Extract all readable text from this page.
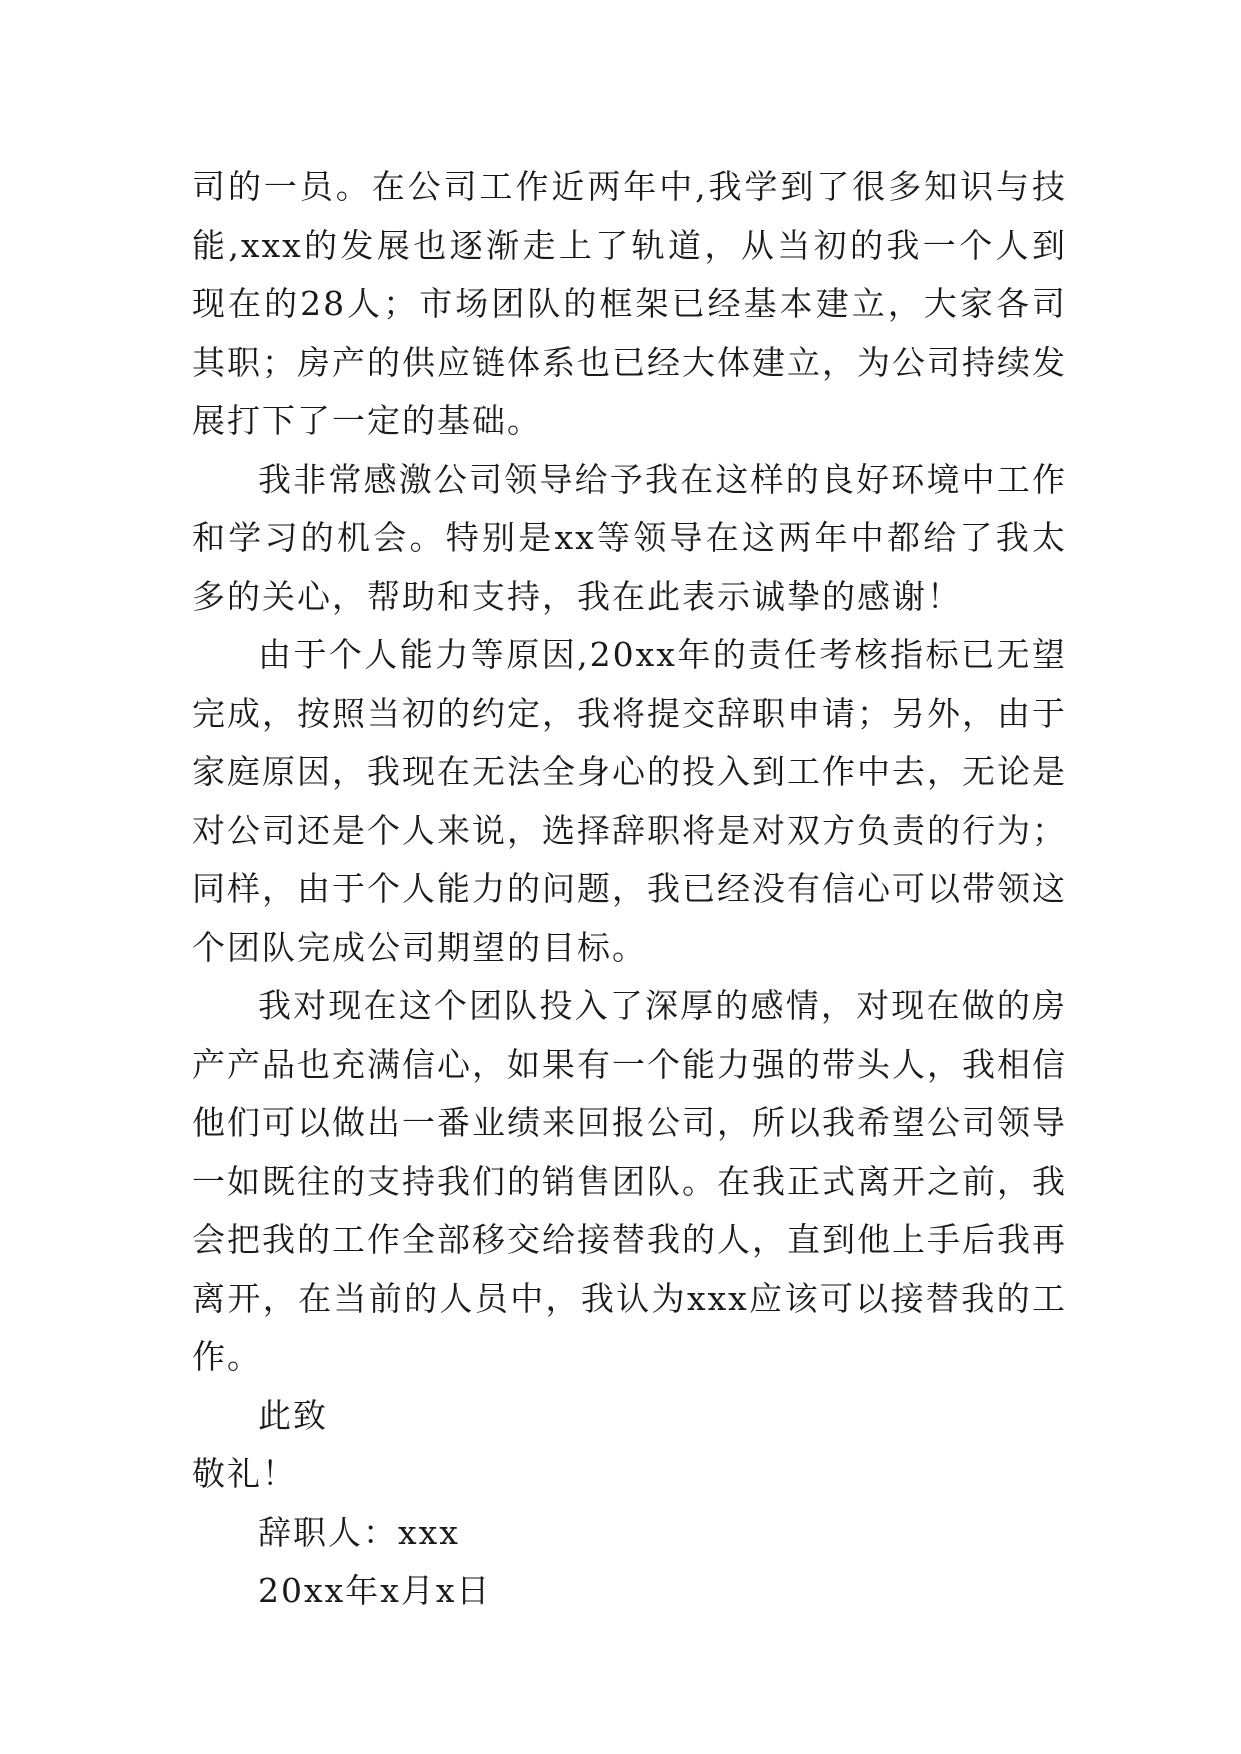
司的一员。在公司工作近两年中,我学到了很多知识与技能,xxx的发展也逐渐走上了轨道，从当初的我一个人到现在的28人；市场团队的框架已经基本建立，大家各司其职；房产的供应链体系也已经大体建立，为公司持续发展打下了一定的基础。

我非常感激公司领导给予我在这样的良好环境中工作和学习的机会。特别是xx等领导在这两年中都给了我太多的关心，帮助和支持，我在此表示诚挚的感谢！

由于个人能力等原因,20xx年的责任考核指标已无望完成，按照当初的约定，我将提交辞职申请；另外，由于家庭原因，我现在无法全身心的投入到工作中去，无论是对公司还是个人来说，选择辞职将是对双方负责的行为；同样，由于个人能力的问题，我已经没有信心可以带领这个团队完成公司期望的目标。

我对现在这个团队投入了深厚的感情，对现在做的房产产品也充满信心，如果有一个能力强的带头人，我相信他们可以做出一番业绩来回报公司，所以我希望公司领导一如既往的支持我们的销售团队。在我正式离开之前，我会把我的工作全部移交给接替我的人，直到他上手后我再离开，在当前的人员中，我认为xxx应该可以接替我的工作。

此致

敬礼！

辞职人：xxx

20xx年x月x日
